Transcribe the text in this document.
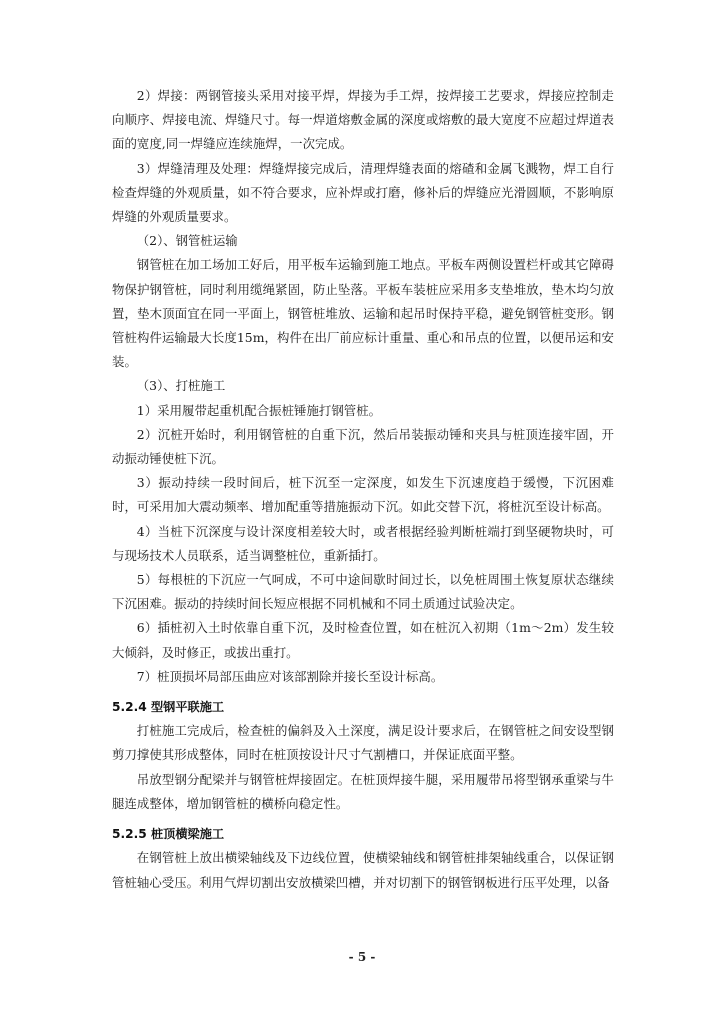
2）焊接：两钢管接头采用对接平焊，焊接为手工焊，按焊接工艺要求，焊接应控制走向顺序、焊接电流、焊缝尺寸。每一焊道熔敷金属的深度或熔敷的最大宽度不应超过焊道表面的宽度,同一焊缝应连续施焊，一次完成。

3）焊缝清理及处理：焊缝焊接完成后，清理焊缝表面的熔碴和金属飞溅物，焊工自行检查焊缝的外观质量，如不符合要求，应补焊或打磨，修补后的焊缝应光滑圆顺，不影响原焊缝的外观质量要求。

（2）、钢管桩运输

钢管桩在加工场加工好后，用平板车运输到施工地点。平板车两侧设置栏杆或其它障碍物保护钢管桩，同时利用缆绳紧固，防止坠落。平板车装桩应采用多支垫堆放，垫木均匀放置，垫木顶面宜在同一平面上，钢管桩堆放、运输和起吊时保持平稳，避免钢管桩变形。钢管桩构件运输最大长度15m，构件在出厂前应标计重量、重心和吊点的位置，以便吊运和安装。

（3）、打桩施工

1）采用履带起重机配合振桩锤施打钢管桩。

2）沉桩开始时，利用钢管桩的自重下沉，然后吊装振动锤和夹具与桩顶连接牢固，开动振动锤使桩下沉。

3）振动持续一段时间后，桩下沉至一定深度，如发生下沉速度趋于缓慢，下沉困难时，可采用加大震动频率、增加配重等措施振动下沉。如此交替下沉，将桩沉至设计标高。

4）当桩下沉深度与设计深度相差较大时，或者根据经验判断桩端打到坚硬物块时，可与现场技术人员联系，适当调整桩位，重新插打。

5）每根桩的下沉应一气呵成，不可中途间歇时间过长，以免桩周围土恢复原状态继续下沉困难。振动的持续时间长短应根据不同机械和不同土质通过试验决定。

6）插桩初入土时依靠自重下沉，及时检查位置，如在桩沉入初期（1m～2m）发生较大倾斜，及时修正，或拔出重打。

7）桩顶损坏局部压曲应对该部割除并接长至设计标高。

5.2.4 型钢平联施工

打桩施工完成后，检查桩的偏斜及入土深度，满足设计要求后，在钢管桩之间安设型钢剪刀撑使其形成整体，同时在桩顶按设计尺寸气割槽口，并保证底面平整。

吊放型钢分配梁并与钢管桩焊接固定。在桩顶焊接牛腿，采用履带吊将型钢承重梁与牛腿连成整体，增加钢管桩的横桥向稳定性。

5.2.5 桩顶横梁施工

在钢管桩上放出横梁轴线及下边线位置，使横梁轴线和钢管桩排架轴线重合，以保证钢管桩轴心受压。利用气焊切割出安放横梁凹槽，并对切割下的钢管钢板进行压平处理，以备

- 5 -
